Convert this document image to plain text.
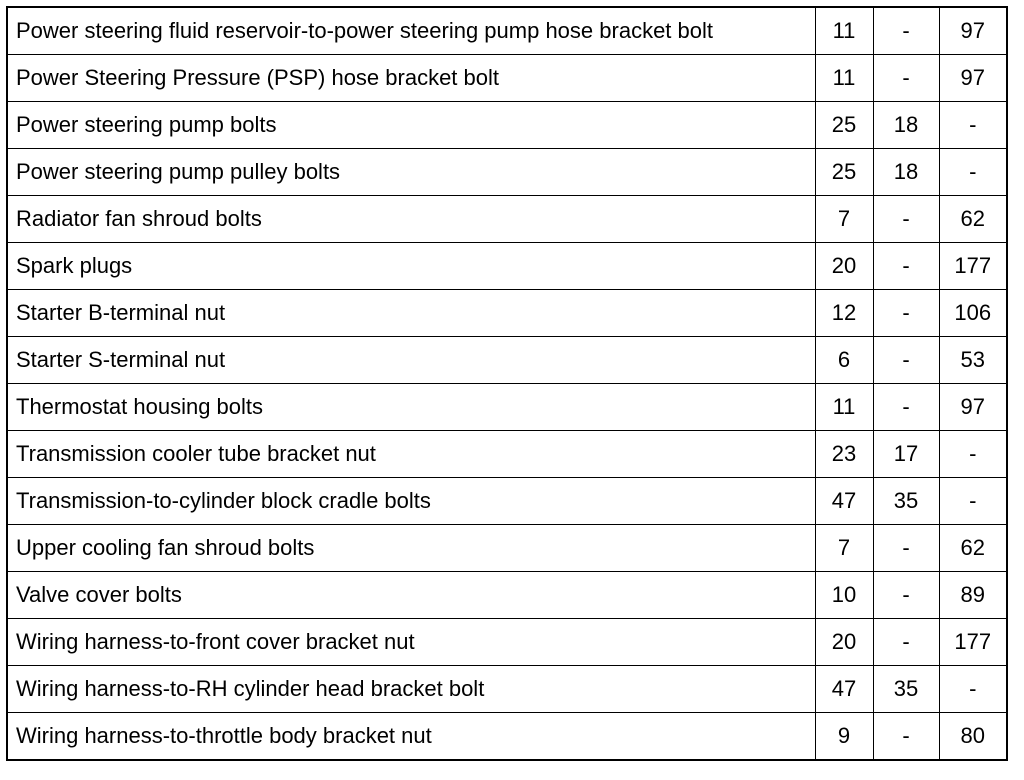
Power steering fluid reservoir-to-power steering pump hose bracket bolt	11	-	97
Power Steering Pressure (PSP) hose bracket bolt	11	-	97
Power steering pump bolts	25	18	-
Power steering pump pulley bolts	25	18	-
Radiator fan shroud bolts	7	-	62
Spark plugs	20	-	177
Starter B-terminal nut	12	-	106
Starter S-terminal nut	6	-	53
Thermostat housing bolts	11	-	97
Transmission cooler tube bracket nut	23	17	-
Transmission-to-cylinder block cradle bolts	47	35	-
Upper cooling fan shroud bolts	7	-	62
Valve cover bolts	10	-	89
Wiring harness-to-front cover bracket nut	20	-	177
Wiring harness-to-RH cylinder head bracket bolt	47	35	-
Wiring harness-to-throttle body bracket nut	9	-	80
